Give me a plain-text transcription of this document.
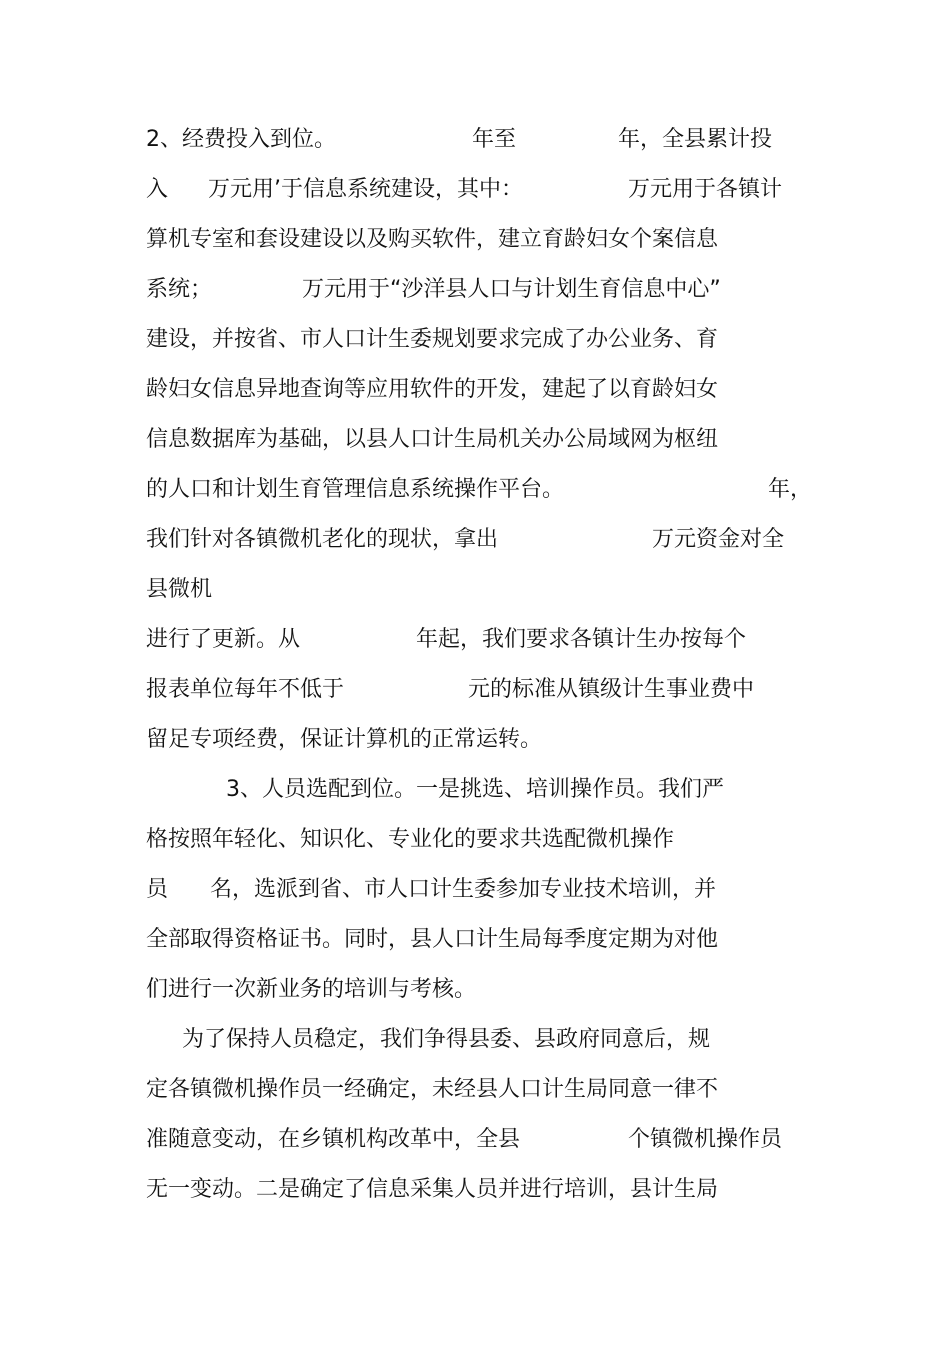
2、经费投入到位。	年至	年，全县累计投
入 万元用’于信息系统建设，其中：	万元用于各镇计
算机专室和套设建设以及购买软件，建立育龄妇女个案信息
系统；	万元用于“沙洋县人口与计划生育信息中心”
建设，并按省、市人口计生委规划要求完成了办公业务、育
龄妇女信息异地查询等应用软件的开发，建起了以育龄妇女
信息数据库为基础，以县人口计生局机关办公局域网为枢纽
的人口和计划生育管理信息系统操作平台。	年，
我们针对各镇微机老化的现状，拿出	万元资金对全
县微机
进行了更新。从	年起，我们要求各镇计生办按每个
报表单位每年不低于	元的标准从镇级计生事业费中
留足专项经费，保证计算机的正常运转。
3、人员选配到位。一是挑选、培训操作员。我们严
格按照年轻化、知识化、专业化的要求共选配微机操作
员 名，选派到省、市人口计生委参加专业技术培训，并
全部取得资格证书。同时，县人口计生局每季度定期为对他
们进行一次新业务的培训与考核。
为了保持人员稳定，我们争得县委、县政府同意后，规
定各镇微机操作员一经确定，未经县人口计生局同意一律不
准随意变动，在乡镇机构改革中，全县	个镇微机操作员
无一变动。二是确定了信息采集人员并进行培训，县计生局
